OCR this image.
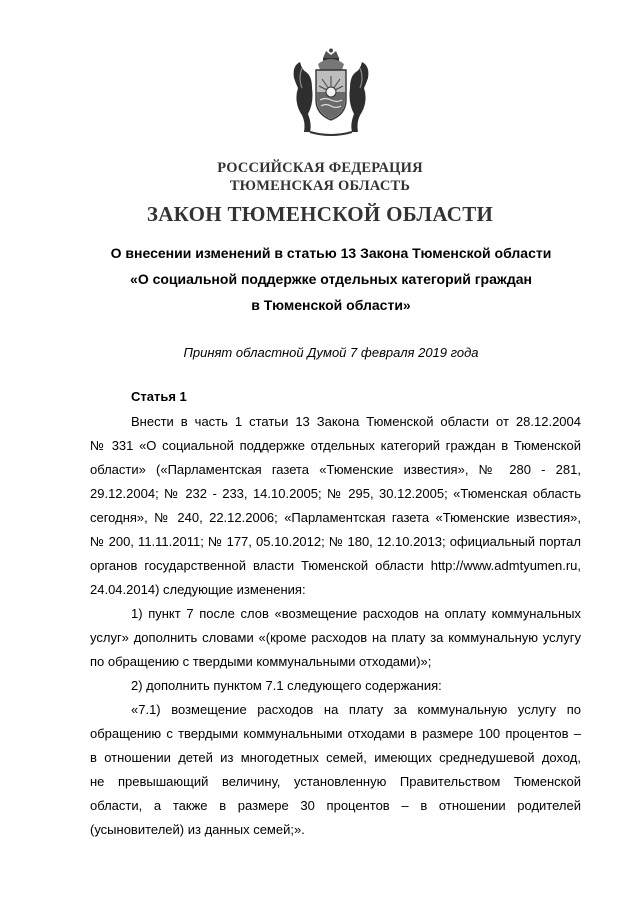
РОССИЙСКАЯ ФЕДЕРАЦИЯ
ТЮМЕНСКАЯ ОБЛАСТЬ
ЗАКОН ТЮМЕНСКОЙ ОБЛАСТИ
О внесении изменений в статью 13 Закона Тюменской области
«О социальной поддержке отдельных категорий граждан
в Тюменской области»
Принят областной Думой 7 февраля 2019 года
Статья 1
Внести в часть 1 статьи 13 Закона Тюменской области от 28.12.2004
№ 331 «О социальной поддержке отдельных категорий граждан в Тюменской
области» («Парламентская газета «Тюменские известия», № 280 - 281,
29.12.2004; № 232 - 233, 14.10.2005; № 295, 30.12.2005; «Тюменская область
сегодня», № 240, 22.12.2006; «Парламентская газета «Тюменские известия»,
№ 200, 11.11.2011; № 177, 05.10.2012; № 180, 12.10.2013; официальный портал
органов государственной власти Тюменской области http://www.admtyumen.ru,
24.04.2014) следующие изменения:
1) пункт 7 после слов «возмещение расходов на оплату коммунальных
услуг» дополнить словами «(кроме расходов на плату за коммунальную услугу
по обращению с твердыми коммунальными отходами)»;
2) дополнить пунктом 7.1 следующего содержания:
«7.1) возмещение расходов на плату за коммунальную услугу по
обращению с твердыми коммунальными отходами в размере 100 процентов –
в отношении детей из многодетных семей, имеющих среднедушевой доход,
не превышающий величину, установленную Правительством Тюменской
области, а также в размере 30 процентов – в отношении родителей
(усыновителей) из данных семей;».
